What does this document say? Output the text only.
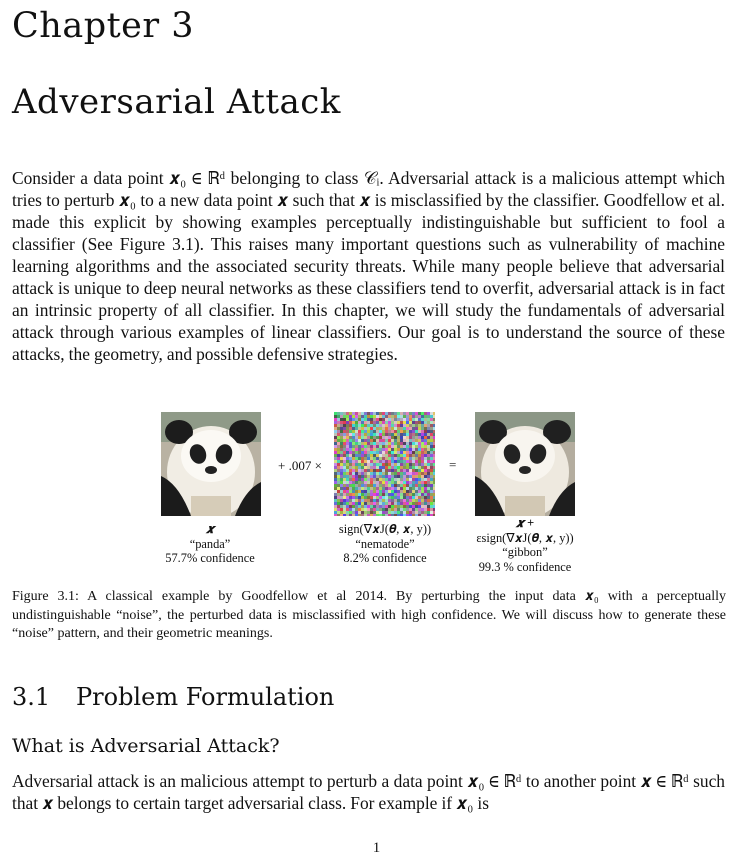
Chapter 3
Adversarial Attack

Consider a data point 𝒙₀ ∈ ℝᵈ belonging to class 𝒞ᵢ. Adversarial attack is a malicious attempt which tries to perturb 𝒙₀ to a new data point 𝒙 such that 𝒙 is misclassified by the classifier. Goodfellow et al. made this explicit by showing examples perceptually indistinguishable but sufficient to fool a classifier (See Figure 3.1). This raises many important questions such as vulnerability of machine learning algorithms and the associated security threats. While many people believe that adversarial attack is unique to deep neural networks as these classifiers tend to overfit, adversarial attack is in fact an intrinsic property of all classifier. In this chapter, we will study the fundamentals of adversarial attack through various examples of linear classifiers. Our goal is to understand the source of these attacks, the geometry, and possible defensive strategies.

+ .007 ×	=
𝒙
“panda”
57.7% confidence
sign(∇𝒙J(𝜽, 𝒙, y))
“nematode”
8.2% confidence
𝒙 +
εsign(∇𝒙J(𝜽, 𝒙, y))
“gibbon”
99.3 % confidence

Figure 3.1: A classical example by Goodfellow et al 2014. By perturbing the input data 𝒙₀ with a perceptually undistinguishable “noise”, the perturbed data is misclassified with high confidence. We will discuss how to generate these “noise” pattern, and their geometric meanings.

3.1 Problem Formulation
What is Adversarial Attack?

Adversarial attack is an malicious attempt to perturb a data point 𝒙₀ ∈ ℝᵈ to another point 𝒙 ∈ ℝᵈ such that 𝒙 belongs to certain target adversarial class. For example if 𝒙₀ is

1
